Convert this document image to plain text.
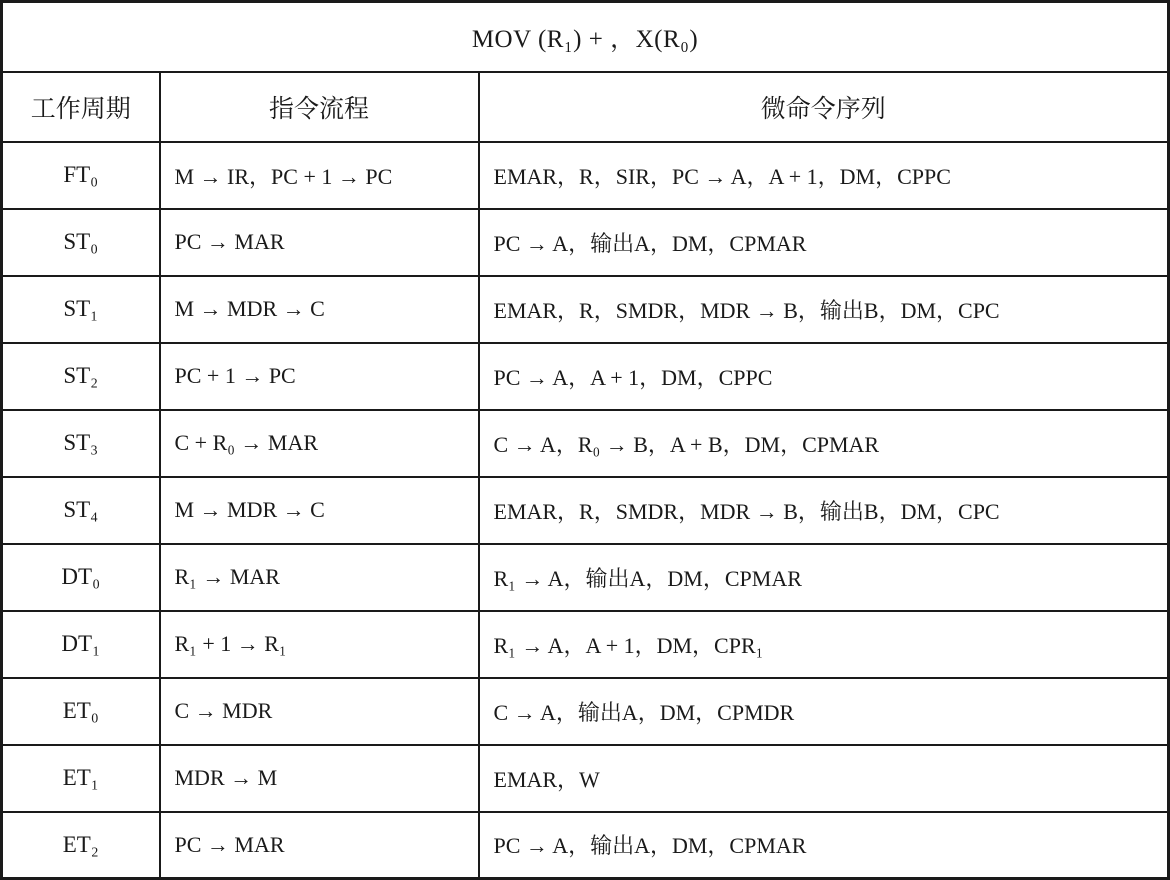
MOV (R₁) + ，X(R₀)		
工作周期	指令流程	微命令序列
FT₀	M → IR，PC + 1 → PC	EMAR，R，SIR，PC → A，A + 1，DM，CPPC
ST₀	PC → MAR	PC → A，输出A，DM，CPMAR
ST₁	M → MDR → C	EMAR，R，SMDR，MDR → B，输出B，DM，CPC
ST₂	PC + 1 → PC	PC → A，A + 1，DM，CPPC
ST₃	C + R₀ → MAR	C → A，R₀ → B，A + B，DM，CPMAR
ST₄	M → MDR → C	EMAR，R，SMDR，MDR → B，输出B，DM，CPC
DT₀	R₁ → MAR	R₁ → A，输出A，DM，CPMAR
DT₁	R₁ + 1 → R₁	R₁ → A，A + 1，DM，CPR₁
ET₀	C → MDR	C → A，输出A，DM，CPMDR
ET₁	MDR → M	EMAR，W
ET₂	PC → MAR	PC → A，输出A，DM，CPMAR
